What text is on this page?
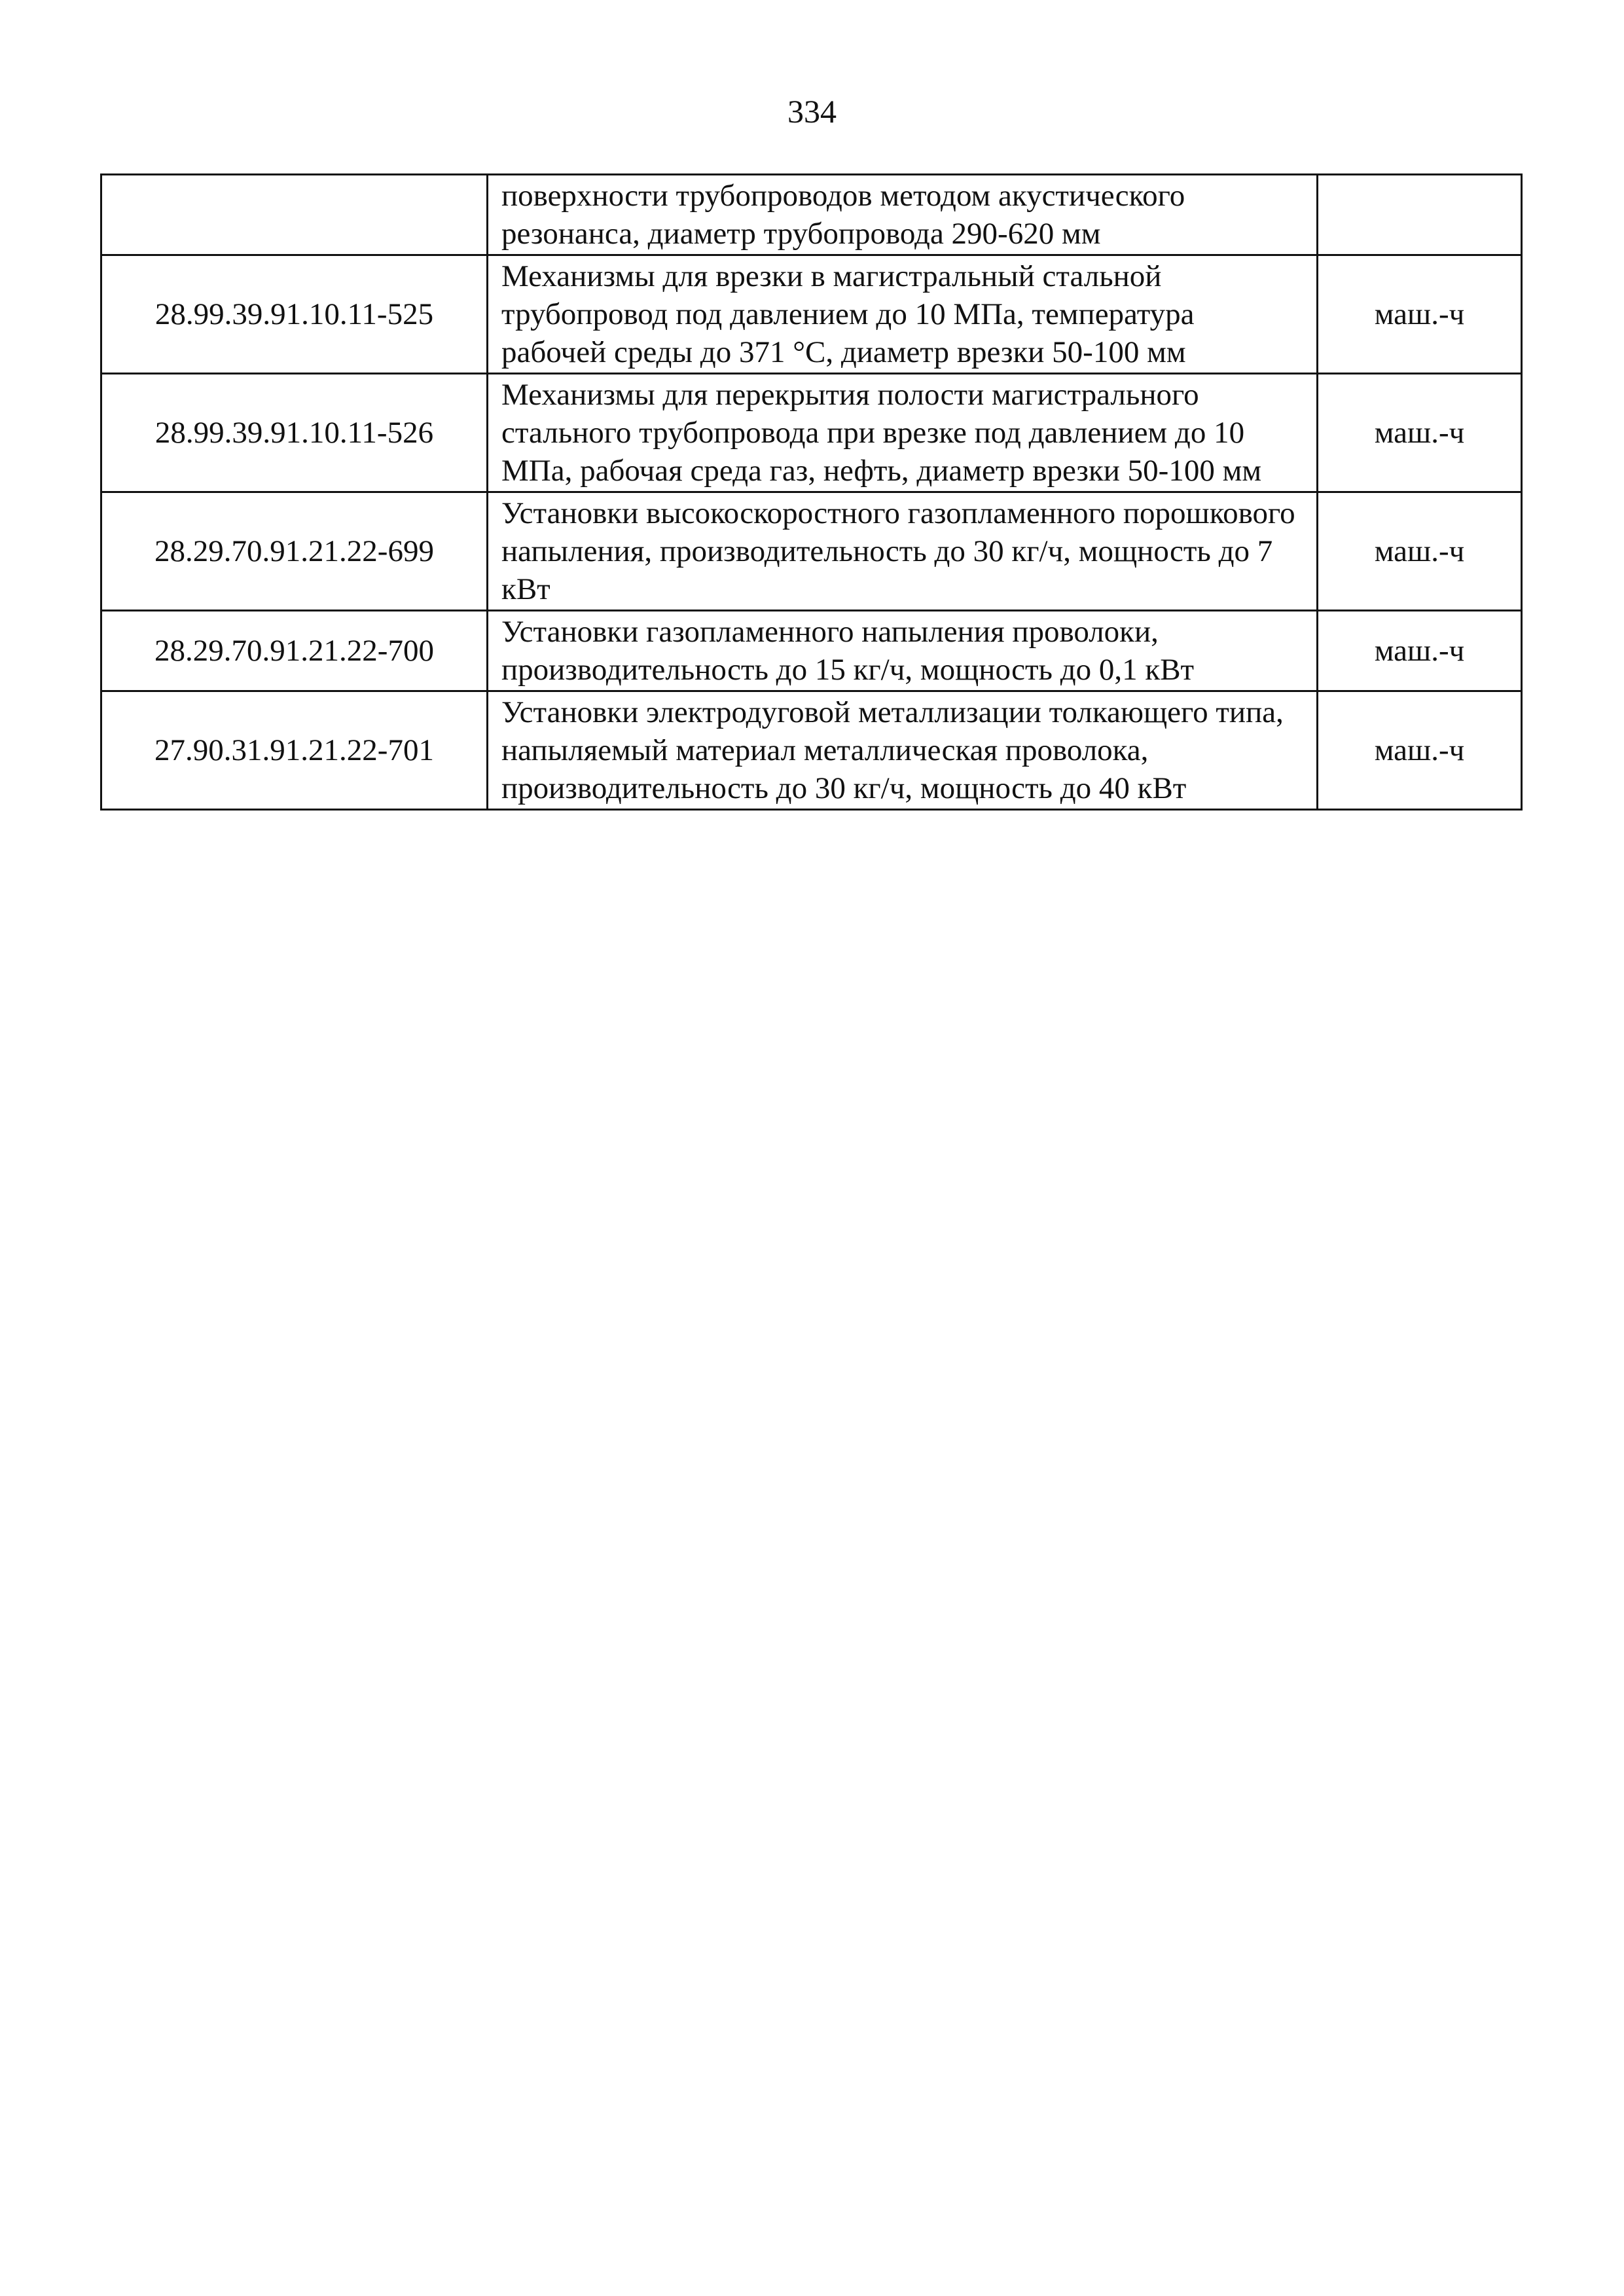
334
	поверхности трубопроводов методом акустического резонанса, диаметр трубопровода 290-620 мм	
28.99.39.91.10.11-525	Механизмы для врезки в магистральный стальной трубопровод под давлением до 10 МПа, температура рабочей среды до 371 °С, диаметр врезки 50-100 мм	маш.-ч
28.99.39.91.10.11-526	Механизмы для перекрытия полости магистрального стального трубопровода при врезке под давлением до 10 МПа, рабочая среда газ, нефть, диаметр врезки 50-100 мм	маш.-ч
28.29.70.91.21.22-699	Установки высокоскоростного газопламенного порошкового напыления, производительность до 30 кг/ч, мощность до 7 кВт	маш.-ч
28.29.70.91.21.22-700	Установки газопламенного напыления проволоки, производительность до 15 кг/ч, мощность до 0,1 кВт	маш.-ч
27.90.31.91.21.22-701	Установки электродуговой металлизации толкающего типа, напыляемый материал металлическая проволока, производительность до 30 кг/ч, мощность до 40 кВт	маш.-ч
